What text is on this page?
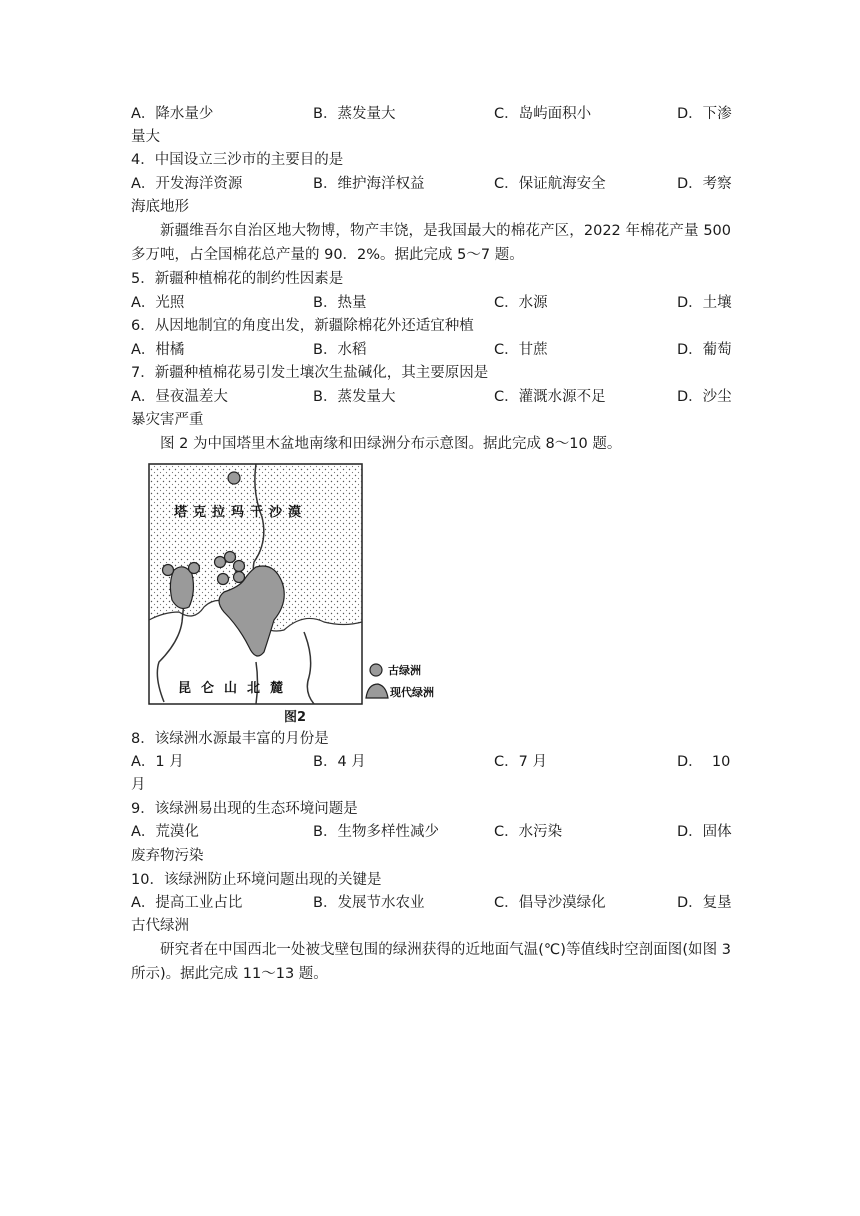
A．降水量少	B．蒸发量大	C．岛屿面积小	D．下渗
量大
4．中国设立三沙市的主要目的是
A．开发海洋资源	B．维护海洋权益	C．保证航海安全	D．考察
海底地形
新疆维吾尔自治区地大物博，物产丰饶，是我国最大的棉花产区，2022 年棉花产量 500 多万吨，占全国棉花总产量的 90．2%。据此完成 5～7 题。
5．新疆种植棉花的制约性因素是
A．光照	B．热量	C．水源	D．土壤
6．从因地制宜的角度出发，新疆除棉花外还适宜种植
A．柑橘	B．水稻	C．甘蔗	D．葡萄
7．新疆种植棉花易引发土壤次生盐碱化，其主要原因是
A．昼夜温差大	B．蒸发量大	C．灌溉水源不足	D．沙尘
暴灾害严重
图 2 为中国塔里木盆地南缘和田绿洲分布示意图。据此完成 8～10 题。
塔克拉玛干沙漠
昆仑山北麓
古绿洲
现代绿洲
图2
8．该绿洲水源最丰富的月份是
A．1 月	B．4 月	C．7 月	D．  10
月
9．该绿洲易出现的生态环境问题是
A．荒漠化	B．生物多样性减少	C．水污染	D．固体
废弃物污染
10．该绿洲防止环境问题出现的关键是
A．提高工业占比	B．发展节水农业	C．倡导沙漠绿化	D．复垦
古代绿洲
研究者在中国西北一处被戈壁包围的绿洲获得的近地面气温(℃)等值线时空剖面图(如图 3 所示)。据此完成 11～13 题。
